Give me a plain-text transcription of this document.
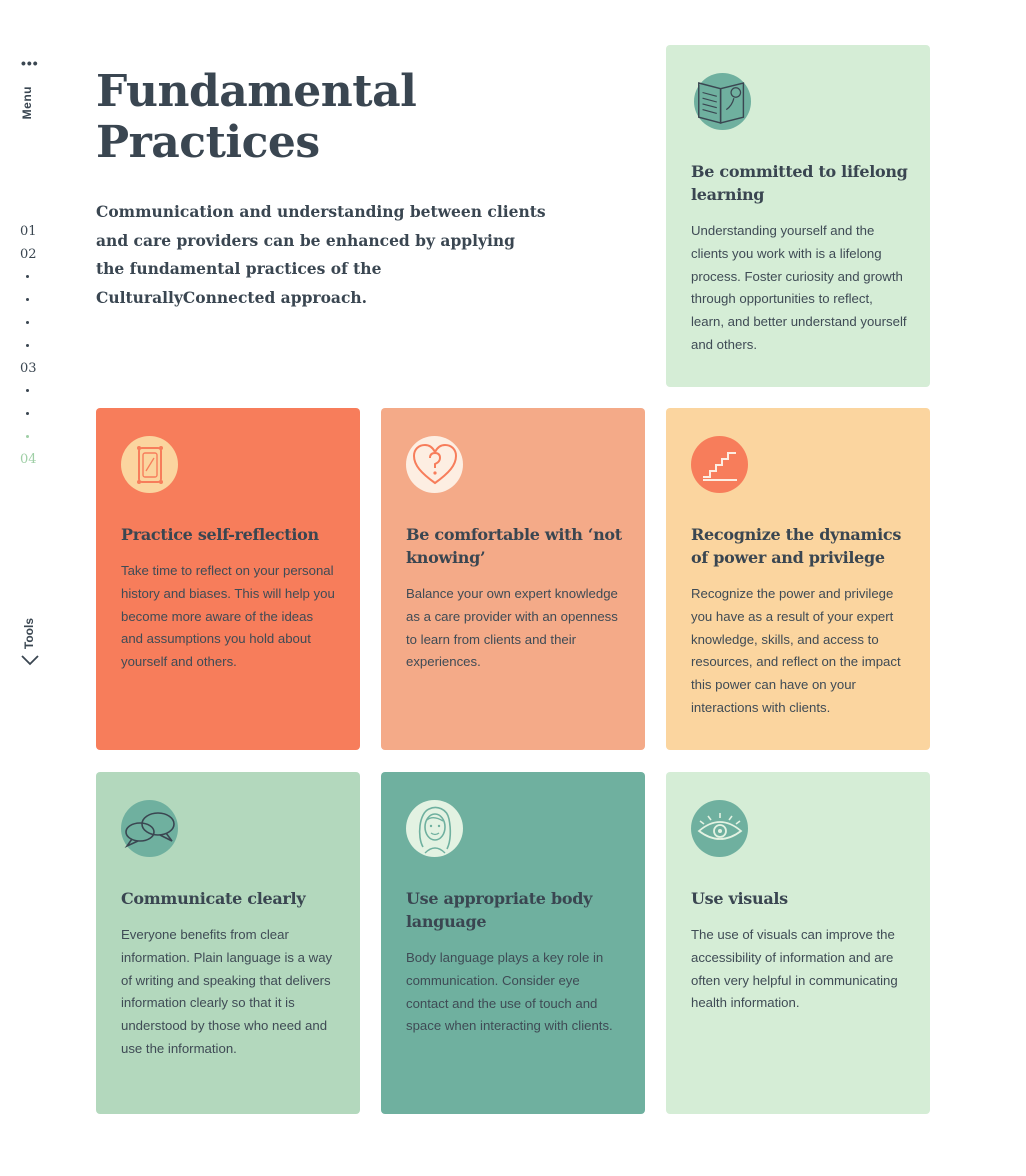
•••
Menu
01
02
03
04
Tools
Fundamental
Practices

Communication and understanding between clients and care providers can be enhanced by applying the fundamental practices of the CulturallyConnected approach.

Be committed to lifelong learning

Understanding yourself and the clients you work with is a lifelong process. Foster curiosity and growth through opportunities to reflect, learn, and better understand yourself and others.

Practice self-reflection

Take time to reflect on your personal history and biases. This will help you become more aware of the ideas and assumptions you hold about yourself and others.

Be comfortable with ‘not knowing’

Balance your own expert knowledge as a care provider with an openness to learn from clients and their experiences.

Recognize the dynamics of power and privilege

Recognize the power and privilege you have as a result of your expert knowledge, skills, and access to resources, and reflect on the impact this power can have on your interactions with clients.

Communicate clearly

Everyone benefits from clear information. Plain language is a way of writing and speaking that delivers information clearly so that it is understood by those who need and use the information.

Use appropriate body language

Body language plays a key role in communication. Consider eye contact and the use of touch and space when interacting with clients.

Use visuals

The use of visuals can improve the accessibility of information and are often very helpful in communicating health information.
